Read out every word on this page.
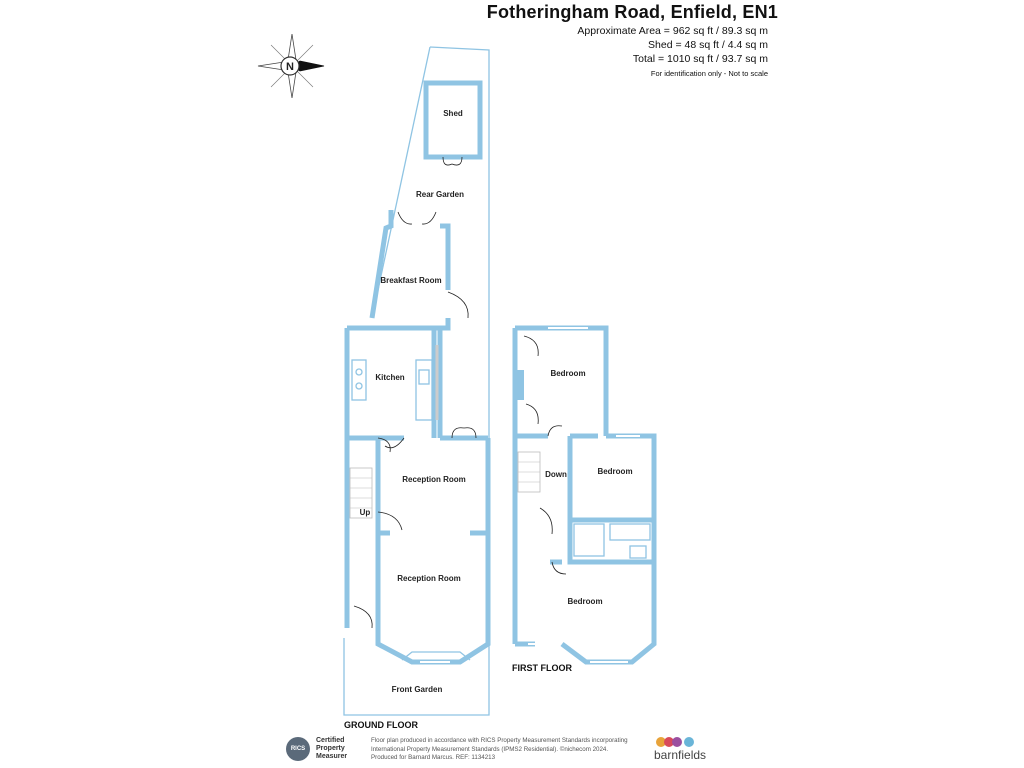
Fotheringham Road, Enfield, EN1
Approximate Area = 962 sq ft / 89.3 sq m
Shed = 48 sq ft / 4.4 sq m
Total = 1010 sq ft / 93.7 sq m
For identification only - Not to scale
N
Shed
Rear Garden
Breakfast Room
Kitchen
Reception Room
Reception Room
Front Garden
Up
Bedroom
Bedroom
Bedroom
Down
GROUND FLOOR
FIRST FLOOR
RICS
Certified
Property
Measurer
Floor plan produced in accordance with RICS Property Measurement Standards incorporating
International Property Measurement Standards (IPMS2 Residential). ©nichecom 2024.
Produced for Barnard Marcus. REF: 1134213	barnfields
